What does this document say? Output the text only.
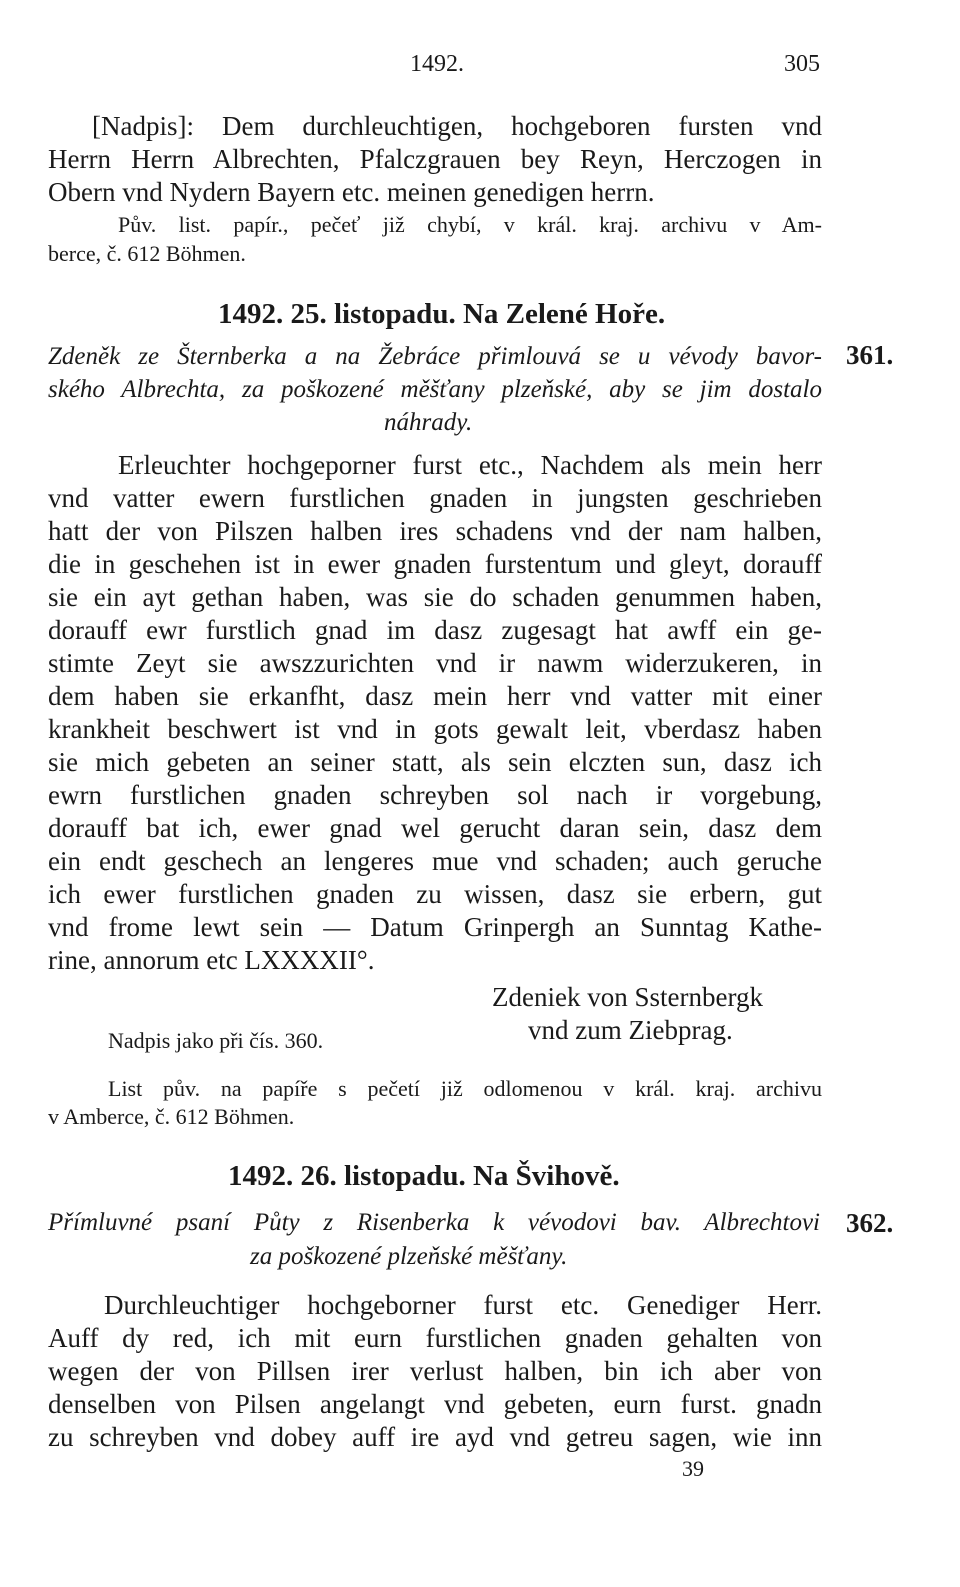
1492.	305
[Nadpis]: Dem durchleuchtigen, hochgeboren fursten vnd
Herrn Herrn Albrechten, Pfalczgrauen bey Reyn, Herczogen in
Obern vnd Nydern Bayern etc. meinen genedigen herrn.
Pův. list. papír., pečeť již chybí, v král. kraj. archivu v Am-
berce, č. 612 Böhmen.
1492. 25. listopadu. Na Zelené Hoře.
361.
Zdeněk ze Šternberka a na Žebráce přimlouvá se u vévody bavor-
ského Albrechta, za poškozené měšťany plzeňské, aby se jim dostalo
náhrady.
Erleuchter hochgeporner furst etc., Nachdem als mein herr
vnd vatter ewern furstlichen gnaden in jungsten geschrieben
hatt der von Pilszen halben ires schadens vnd der nam halben,
die in geschehen ist in ewer gnaden furstentum und gleyt, dorauff
sie ein ayt gethan haben, was sie do schaden genummen haben,
dorauff ewr furstlich gnad im dasz zugesagt hat awff ein ge-
stimte Zeyt sie awszzurichten vnd ir nawm widerzukeren, in
dem haben sie erkanfht, dasz mein herr vnd vatter mit einer
krankheit beschwert ist vnd in gots gewalt leit, vberdasz haben
sie mich gebeten an seiner statt, als sein elczten sun, dasz ich
ewrn furstlichen gnaden schreyben sol nach ir vorgebung,
dorauff bat ich, ewer gnad wel gerucht daran sein, dasz dem
ein endt geschech an lengeres mue vnd schaden; auch geruche
ich ewer furstlichen gnaden zu wissen, dasz sie erbern, gut
vnd frome lewt sein — Datum Grinpergh an Sunntag Kathe-
rine, annorum etc LXXXXII°.
Zdeniek von Ssternbergk
vnd zum Ziebprag.
Nadpis jako při čís. 360.
List pův. na papíře s pečetí již odlomenou v král. kraj. archivu
v Amberce, č. 612 Böhmen.
1492. 26. listopadu. Na Švihově.
362.
Přímluvné psaní Půty z Risenberka k vévodovi bav. Albrechtovi
za poškozené plzeňské měšťany.
Durchleuchtiger hochgeborner furst etc. Genediger Herr.
Auff dy red, ich mit eurn furstlichen gnaden gehalten von
wegen der von Pillsen irer verlust halben, bin ich aber von
denselben von Pilsen angelangt vnd gebeten, eurn furst. gnadn
zu schreyben vnd dobey auff ire ayd vnd getreu sagen, wie inn
39
